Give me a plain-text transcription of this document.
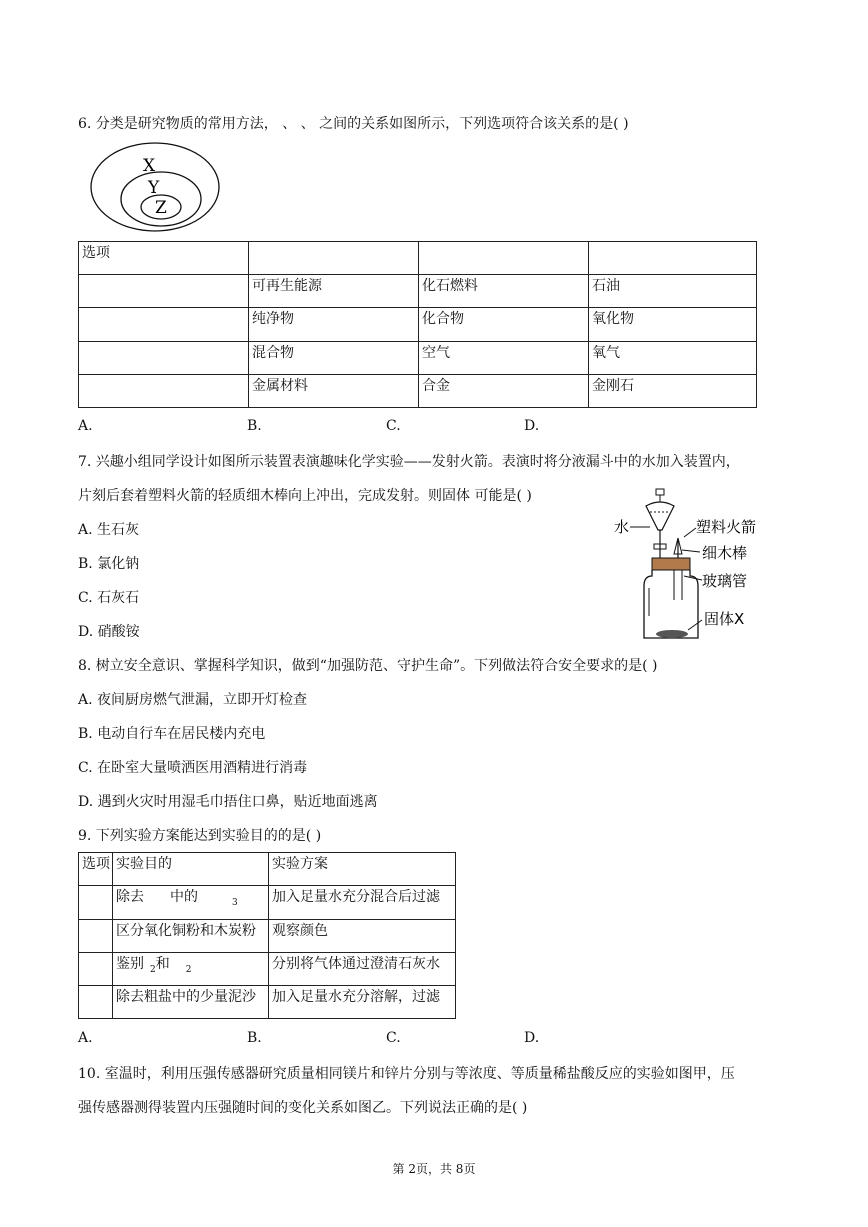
6. 分类是研究物质的常用方法， 、 、 之间的关系如图所示，下列选项符合该关系的是( )
X
Y
Z
选项			
	可再生能源	化石燃料	石油
	纯净物	化合物	氧化物
	混合物	空气	氧气
	金属材料	合金	金刚石
A.	B.	C.	D.
7. 兴趣小组同学设计如图所示装置表演趣味化学实验——发射火箭。表演时将分液漏斗中的水加入装置内，
片刻后套着塑料火箭的轻质细木棒向上冲出，完成发射。则固体 可能是( )
A. 生石灰
B. 氯化钠
C. 石灰石
D. 硝酸铵
水	塑料火箭
细木棒
玻璃管
固体X
8. 树立安全意识、掌握科学知识，做到“加强防范、守护生命”。下列做法符合安全要求的是( )
A. 夜间厨房燃气泄漏，立即开灯检查
B. 电动自行车在居民楼内充电
C. 在卧室大量喷洒医用酒精进行消毒
D. 遇到火灾时用湿毛巾捂住口鼻，贴近地面逃离
9. 下列实验方案能达到实验目的的是( )
选项	实验目的	实验方案
	除去 中的 $_3$	加入足量水充分混合后过滤
	区分氧化铜粉和木炭粉	观察颜色
	鉴别 $_2$和 $_2$	分别将气体通过澄清石灰水
	除去粗盐中的少量泥沙	加入足量水充分溶解，过滤
A.	B.	C.	D.
10. 室温时，利用压强传感器研究质量相同镁片和锌片分别与等浓度、等质量稀盐酸反应的实验如图甲，压
强传感器测得装置内压强随时间的变化关系如图乙。下列说法正确的是( )
第 2页，共 8页
